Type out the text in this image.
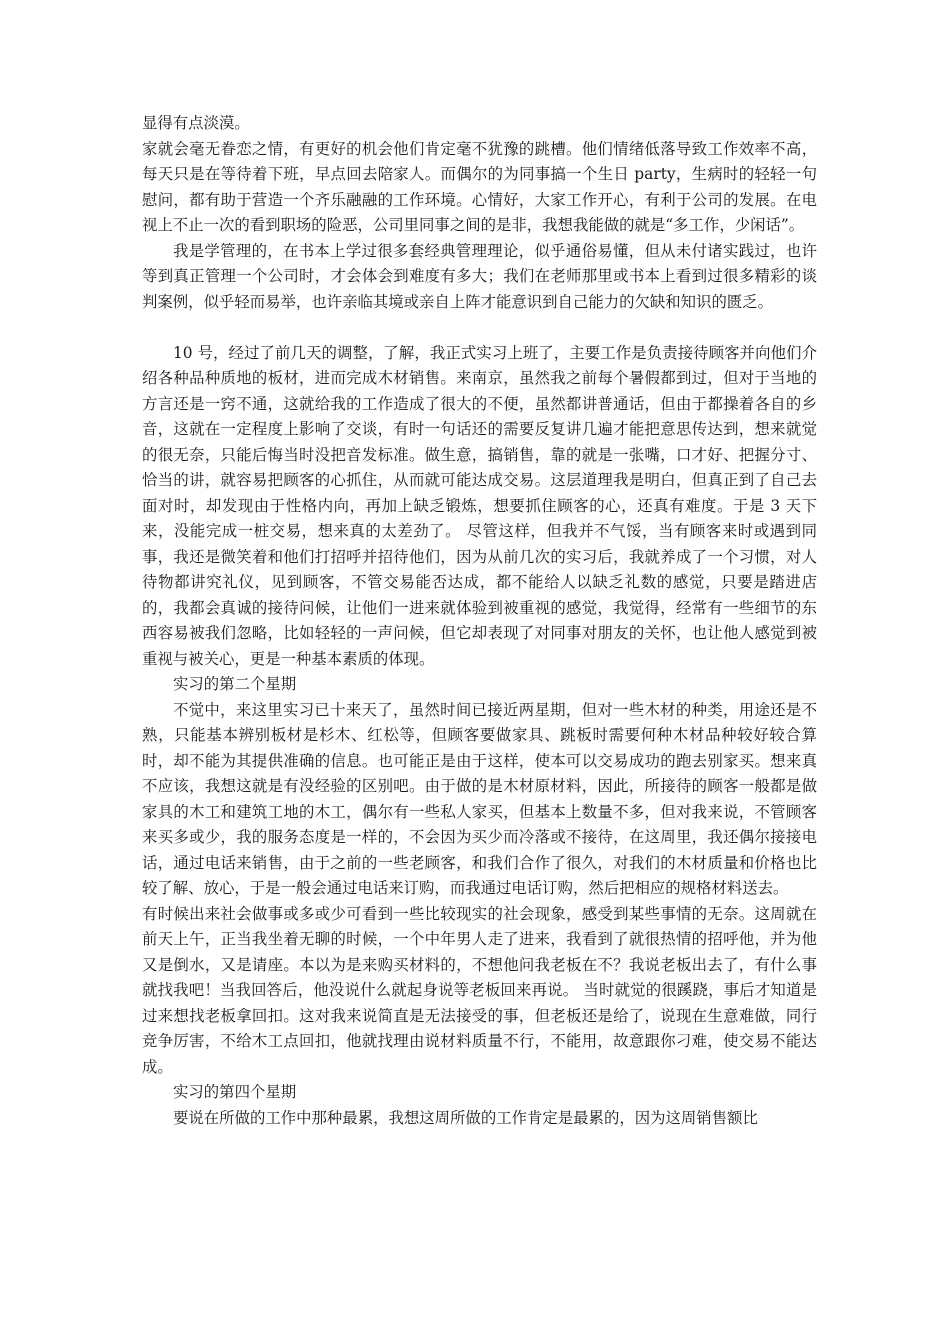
显得有点淡漠。

家就会毫无眷恋之情，有更好的机会他们肯定毫不犹豫的跳槽。他们情绪低落导致工作效率不高，每天只是在等待着下班，早点回去陪家人。而偶尔的为同事搞一个生日 party，生病时的轻轻一句慰问，都有助于营造一个齐乐融融的工作环境。心情好，大家工作开心，有利于公司的发展。在电视上不止一次的看到职场的险恶，公司里同事之间的是非，我想我能做的就是“多工作，少闲话”。

我是学管理的，在书本上学过很多套经典管理理论，似乎通俗易懂，但从未付诸实践过，也许等到真正管理一个公司时，才会体会到难度有多大；我们在老师那里或书本上看到过很多精彩的谈判案例，似乎轻而易举，也许亲临其境或亲自上阵才能意识到自己能力的欠缺和知识的匮乏。

10 号，经过了前几天的调整，了解，我正式实习上班了，主要工作是负责接待顾客并向他们介绍各种品种质地的板材，进而完成木材销售。来南京，虽然我之前每个暑假都到过，但对于当地的方言还是一窍不通，这就给我的工作造成了很大的不便，虽然都讲普通话，但由于都操着各自的乡音，这就在一定程度上影响了交谈，有时一句话还的需要反复讲几遍才能把意思传达到，想来就觉的很无奈，只能后悔当时没把音发标准。做生意，搞销售，靠的就是一张嘴，口才好、把握分寸、恰当的讲，就容易把顾客的心抓住，从而就可能达成交易。这层道理我是明白，但真正到了自己去面对时，却发现由于性格内向，再加上缺乏锻炼，想要抓住顾客的心，还真有难度。于是 3 天下来，没能完成一桩交易，想来真的太差劲了。 尽管这样，但我并不气馁，当有顾客来时或遇到同事，我还是微笑着和他们打招呼并招待他们，因为从前几次的实习后，我就养成了一个习惯，对人待物都讲究礼仪，见到顾客，不管交易能否达成，都不能给人以缺乏礼数的感觉，只要是踏进店的，我都会真诚的接待问候，让他们一进来就体验到被重视的感觉，我觉得，经常有一些细节的东西容易被我们忽略，比如轻轻的一声问候，但它却表现了对同事对朋友的关怀，也让他人感觉到被重视与被关心，更是一种基本素质的体现。

实习的第二个星期

不觉中，来这里实习已十来天了，虽然时间已接近两星期，但对一些木材的种类，用途还是不熟，只能基本辨别板材是杉木、红松等，但顾客要做家具、跳板时需要何种木材品种较好较合算时，却不能为其提供准确的信息。也可能正是由于这样，使本可以交易成功的跑去别家买。想来真不应该，我想这就是有没经验的区别吧。由于做的是木材原材料，因此，所接待的顾客一般都是做家具的木工和建筑工地的木工，偶尔有一些私人家买，但基本上数量不多，但对我来说，不管顾客来买多或少，我的服务态度是一样的，不会因为买少而冷落或不接待，在这周里，我还偶尔接接电话，通过电话来销售，由于之前的一些老顾客，和我们合作了很久，对我们的木材质量和价格也比较了解、放心，于是一般会通过电话来订购，而我通过电话订购，然后把相应的规格材料送去。

有时候出来社会做事或多或少可看到一些比较现实的社会现象，感受到某些事情的无奈。这周就在前天上午，正当我坐着无聊的时候，一个中年男人走了进来，我看到了就很热情的招呼他，并为他又是倒水，又是请座。本以为是来购买材料的，不想他问我老板在不？我说老板出去了，有什么事就找我吧！当我回答后，他没说什么就起身说等老板回来再说。 当时就觉的很蹊跷，事后才知道是过来想找老板拿回扣。这对我来说简直是无法接受的事，但老板还是给了，说现在生意难做，同行竞争厉害，不给木工点回扣，他就找理由说材料质量不行，不能用，故意跟你刁难，使交易不能达成。

实习的第四个星期

要说在所做的工作中那种最累，我想这周所做的工作肯定是最累的，因为这周销售额比
